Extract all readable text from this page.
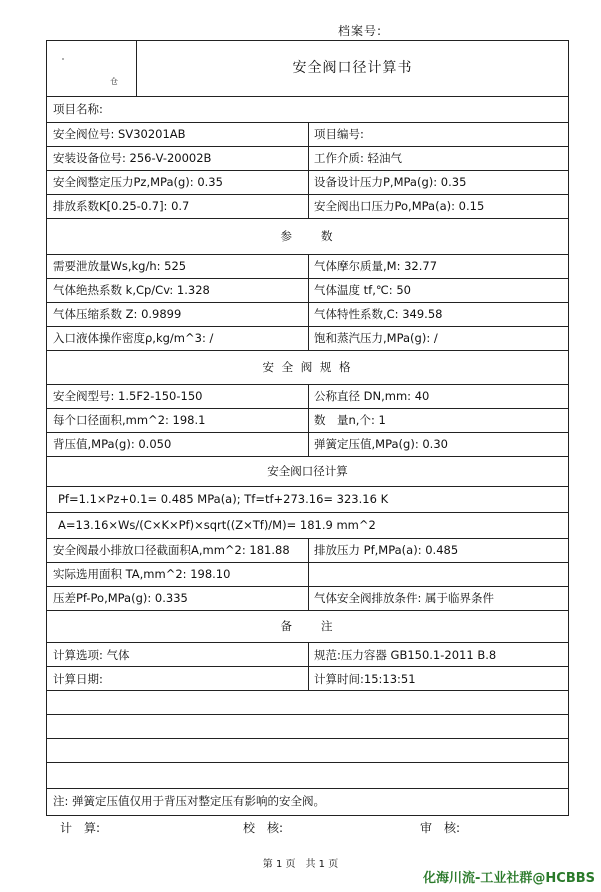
档案号:
仓
安全阀口径计算书
项目名称:
安全阀位号: SV30201AB	项目编号:
安装设备位号: 256-V-20002B	工作介质: 轻油气
安全阀整定压力Pz,MPa(g): 0.35	设备设计压力P,MPa(g): 0.35
排放系数K[0.25-0.7]: 0.7	安全阀出口压力Po,MPa(a): 0.15
参　　数
需要泄放量Ws,kg/h: 525	气体摩尔质量,M: 32.77
气体绝热系数 k,Cp/Cv: 1.328	气体温度 tf,℃: 50
气体压缩系数 Z: 0.9899	气体特性系数,C: 349.58
入口液体操作密度ρ,kg/m^3: /	饱和蒸汽压力,MPa(g): /
安 全 阀 规 格
安全阀型号: 1.5F2-150-150	公称直径 DN,mm: 40
每个口径面积,mm^2: 198.1	数　量n,个: 1
背压值,MPa(g): 0.050	弹簧定压值,MPa(g): 0.30
安全阀口径计算
Pf=1.1×Pz+0.1= 0.485 MPa(a); Tf=tf+273.16= 323.16 K
A=13.16×Ws/(C×K×Pf)×sqrt((Z×Tf)/M)= 181.9 mm^2
安全阀最小排放口径截面积A,mm^2: 181.88 排放压力 Pf,MPa(a): 0.485
实际选用面积 TA,mm^2: 198.10
压差Pf-Po,MPa(g): 0.335	气体安全阀排放条件: 属于临界条件
备　　注
计算选项: 气体	规范:压力容器 GB150.1-2011 B.8
计算日期:	计算时间:15:13:51
注: 弹簧定压值仅用于背压对整定压有影响的安全阀。
计　算:	校　核:	审　核:
第 1 页　共 1 页
化海川流-工业社群@HCBBS
